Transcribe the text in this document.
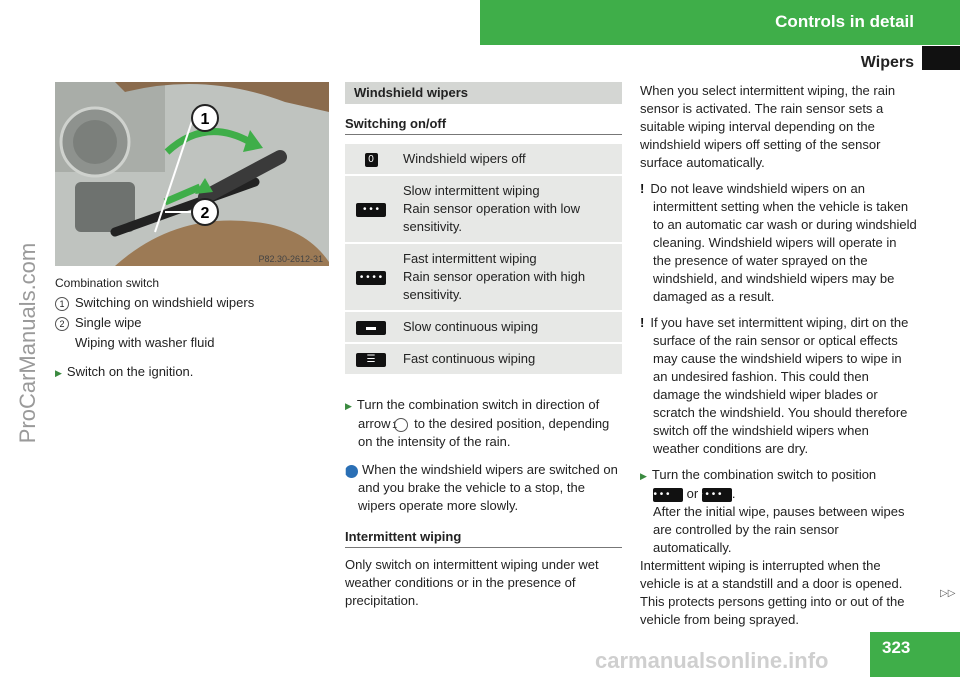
Controls in detail
Wipers
ProCarManuals.com
1
2
P82.30-2612-31
Combination switch
1 Switching on windshield wipers
2 Single wipe
Wiping with washer fluid
▶ Switch on the ignition.
Windshield wipers
Switching on/off
0	Windshield wipers off

• • •	Slow intermittent wiping
Rain sensor operation with low sensitivity.

• • • •	Fast intermittent wiping
Rain sensor operation with high sensitivity.

▬	Slow continuous wiping

☰	Fast continuous wiping

▶ Turn the combination switch in direction of arrow 1 to the desired position, depending on the intensity of the rain.

i When the windshield wipers are switched on and you brake the vehicle to a stop, the wipers operate more slowly.

Intermittent wiping

Only switch on intermittent wiping under wet weather conditions or in the presence of precipitation.

When you select intermittent wiping, the rain sensor is activated. The rain sensor sets a suitable wiping interval depending on the windshield wipers off setting of the sensor surface automatically.

! Do not leave windshield wipers on an intermittent setting when the vehicle is taken to an automatic car wash or during windshield cleaning. Windshield wipers will operate in the presence of water sprayed on the windshield, and windshield wipers may be damaged as a result.

! If you have set intermittent wiping, dirt on the surface of the rain sensor or optical effects may cause the windshield wipers to wipe in an undesired fashion. This could then damage the windshield wiper blades or scratch the windshield. You should therefore switch off the windshield wipers when weather conditions are dry.

▶ Turn the combination switch to position
• • • or • • • • .
After the initial wipe, pauses between wipes are controlled by the rain sensor automatically.

Intermittent wiping is interrupted when the vehicle is at a standstill and a door is opened. This protects persons getting into or out of the vehicle from being sprayed.

▷▷
323
carmanualsonline.info
